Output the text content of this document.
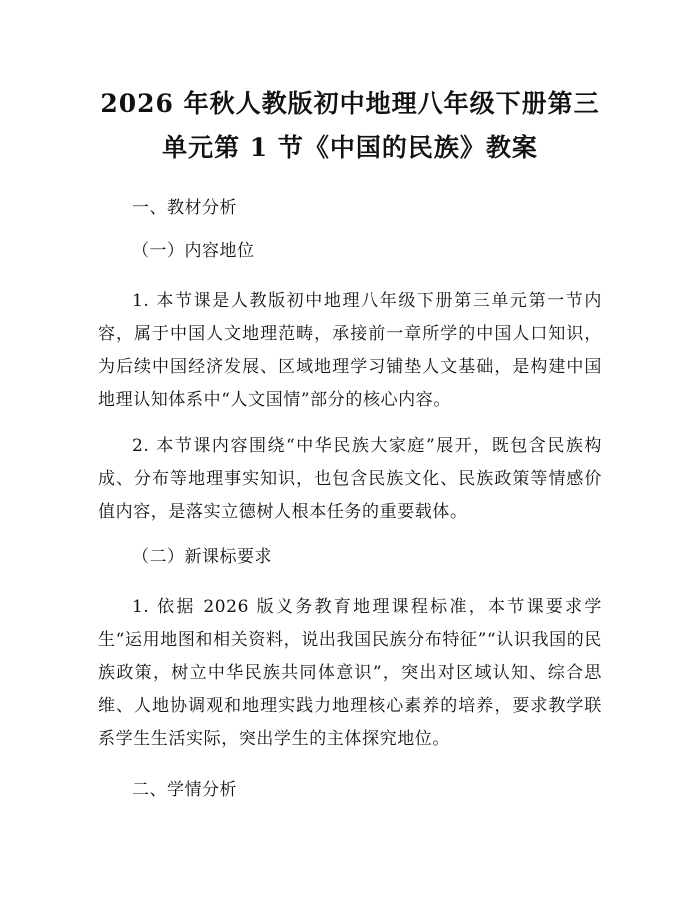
2026 年秋人教版初中地理八年级下册第三单元第 1 节《中国的民族》教案

一、教材分析

（一）内容地位

1. 本节课是人教版初中地理八年级下册第三单元第一节内容，属于中国人文地理范畴，承接前一章所学的中国人口知识，为后续中国经济发展、区域地理学习铺垫人文基础，是构建中国地理认知体系中“人文国情”部分的核心内容。

2. 本节课内容围绕“中华民族大家庭”展开，既包含民族构成、分布等地理事实知识，也包含民族文化、民族政策等情感价值内容，是落实立德树人根本任务的重要载体。

（二）新课标要求

1. 依据 2026 版义务教育地理课程标准，本节课要求学生“运用地图和相关资料，说出我国民族分布特征”“认识我国的民族政策，树立中华民族共同体意识”，突出对区域认知、综合思维、人地协调观和地理实践力地理核心素养的培养，要求教学联系学生生活实际，突出学生的主体探究地位。

二、学情分析
